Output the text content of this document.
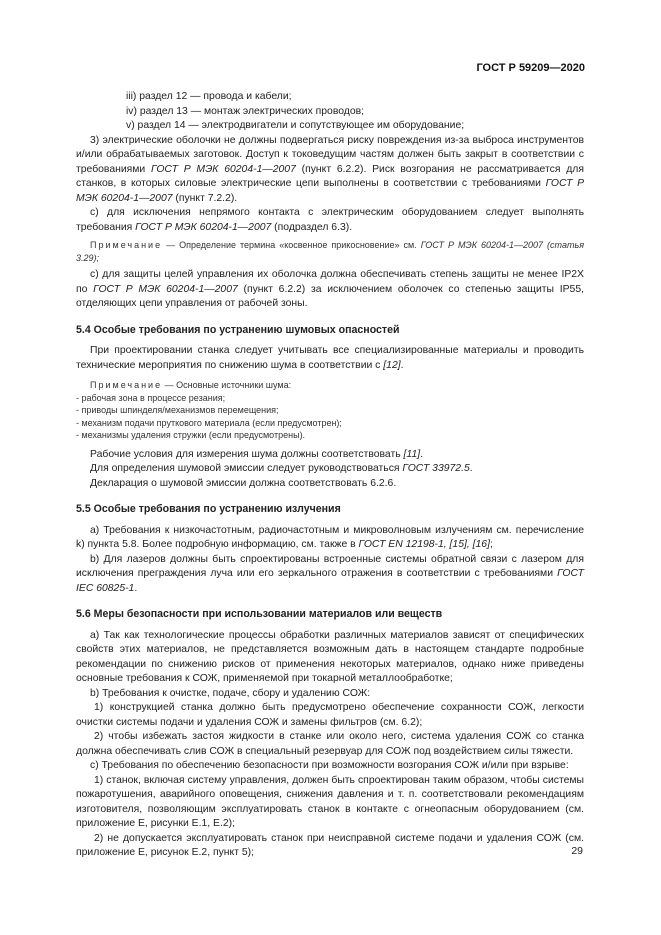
ГОСТ Р 59209—2020

iii) раздел 12 — провода и кабели;

iv) раздел 13 — монтаж электрических проводов;

v) раздел 14 — электродвигатели и сопутствующее им оборудование;

3) электрические оболочки не должны подвергаться риску повреждения из-за выброса инструментов и/или обрабатываемых заготовок. Доступ к токоведущим частям должен быть закрыт в соответствии с требованиями ГОСТ Р МЭК 60204-1—2007 (пункт 6.2.2). Риск возгорания не рассматривается для станков, в которых силовые электрические цепи выполнены в соответствии с требованиями ГОСТ Р МЭК 60204-1—2007 (пункт 7.2.2).

c) для исключения непрямого контакта с электрическим оборудованием следует выполнять требования ГОСТ Р МЭК 60204-1—2007 (подраздел 6.3).

Примечание — Определение термина «косвенное прикосновение» см. ГОСТ Р МЭК 60204-1—2007 (статья 3.29);

c) для защиты целей управления их оболочка должна обеспечивать степень защиты не менее IP2X по ГОСТ Р МЭК 60204-1—2007 (пункт 6.2.2) за исключением оболочек со степенью защиты IP55, отделяющих цепи управления от рабочей зоны.

5.4 Особые требования по устранению шумовых опасностей

При проектировании станка следует учитывать все специализированные материалы и проводить технические мероприятия по снижению шума в соответствии с [12].

Примечание — Основные источники шума:

- рабочая зона в процессе резания;

- приводы шпинделя/механизмов перемещения;

- механизм подачи пруткового материала (если предусмотрен);

- механизмы удаления стружки (если предусмотрены).

Рабочие условия для измерения шума должны соответствовать [11].

Для определения шумовой эмиссии следует руководствоваться ГОСТ 33972.5.

Декларация о шумовой эмиссии должна соответствовать 6.2.6.

5.5 Особые требования по устранению излучения

a) Требования к низкочастотным, радиочастотным и микроволновым излучениям см. перечисление k) пункта 5.8. Более подробную информацию, см. также в ГОСТ EN 12198-1, [15], [16];

b) Для лазеров должны быть спроектированы встроенные системы обратной связи с лазером для исключения преграждения луча или его зеркального отражения в соответствии с требованиями ГОСТ IEC 60825-1.

5.6 Меры безопасности при использовании материалов или веществ

a) Так как технологические процессы обработки различных материалов зависят от специфических свойств этих материалов, не представляется возможным дать в настоящем стандарте подробные рекомендации по снижению рисков от применения некоторых материалов, однако ниже приведены основные требования к СОЖ, применяемой при токарной металлообработке;

b) Требования к очистке, подаче, сбору и удалению СОЖ:

1) конструкцией станка должно быть предусмотрено обеспечение сохранности СОЖ, легкости очистки системы подачи и удаления СОЖ и замены фильтров (см. 6.2);

2) чтобы избежать застоя жидкости в станке или около него, система удаления СОЖ со станка должна обеспечивать слив СОЖ в специальный резервуар для СОЖ под воздействием силы тяжести.

c) Требования по обеспечению безопасности при возможности возгорания СОЖ и/или при взрыве:

1) станок, включая систему управления, должен быть спроектирован таким образом, чтобы системы пожаротушения, аварийного оповещения, снижения давления и т. п. соответствовали рекомендациям изготовителя, позволяющим эксплуатировать станок в контакте с огнеопасным оборудованием (см. приложение E, рисунки E.1, E.2);

2) не допускается эксплуатировать станок при неисправной системе подачи и удаления СОЖ (см. приложение E, рисунок E.2, пункт 5);	29
